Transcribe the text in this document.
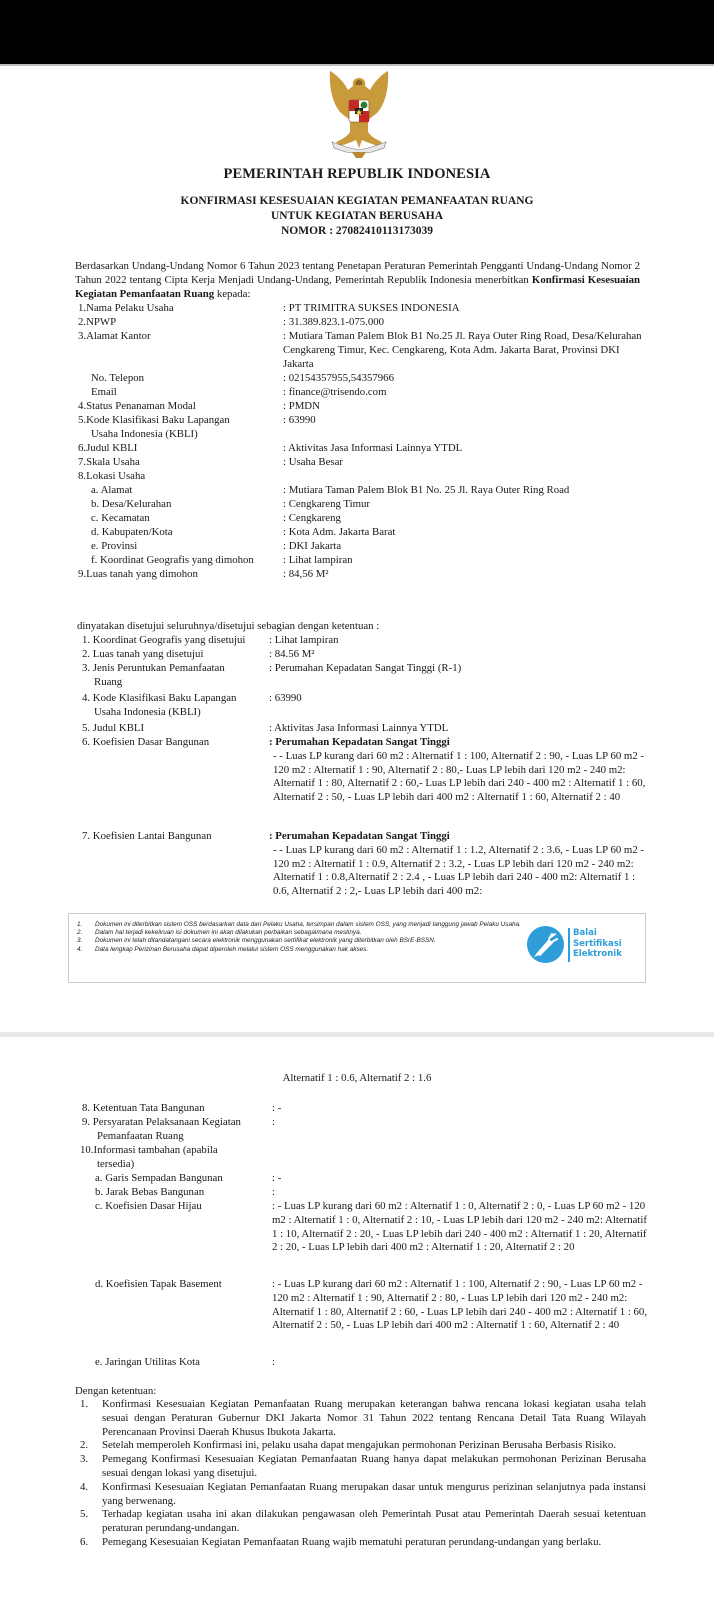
PEMERINTAH REPUBLIK INDONESIA
KONFIRMASI KESESUAIAN KEGIATAN PEMANFAATAN RUANG
UNTUK KEGIATAN BERUSAHA
NOMOR : 27082410113173039
Berdasarkan Undang-Undang Nomor 6 Tahun 2023 tentang Penetapan Peraturan Pemerintah Pengganti Undang-Undang Nomor 2 Tahun 2022 tentang Cipta Kerja Menjadi Undang-Undang, Pemerintah Republik Indonesia menerbitkan Konfirmasi Kesesuaian Kegiatan Pemanfaatan Ruang kepada:
1.Nama Pelaku Usaha	: PT TRIMITRA SUKSES INDONESIA
2.NPWP	: 31.389.823.1-075.000
3.Alamat Kantor	: Mutiara Taman Palem Blok B1 No.25 Jl. Raya Outer Ring Road, Desa/Kelurahan Cengkareng Timur, Kec. Cengkareng, Kota Adm. Jakarta Barat, Provinsi DKI Jakarta
No. Telepon	: 02154357955,54357966
Email	: finance@trisendo.com
4.Status Penanaman Modal	: PMDN
5.Kode Klasifikasi Baku Lapangan	: 63990
Usaha Indonesia (KBLI)
6.Judul KBLI	: Aktivitas Jasa Informasi Lainnya YTDL
7.Skala Usaha	: Usaha Besar
8.Lokasi Usaha
a. Alamat	: Mutiara Taman Palem Blok B1 No. 25 Jl. Raya Outer Ring Road
b. Desa/Kelurahan	: Cengkareng Timur
c. Kecamatan	: Cengkareng
d. Kabupaten/Kota	: Kota Adm. Jakarta Barat
e. Provinsi	: DKI Jakarta
f. Koordinat Geografis yang dimohon	: Lihat lampiran
9.Luas tanah yang dimohon	: 84,56 M²
dinyatakan disetujui seluruhnya/disetujui sebagian dengan ketentuan :
1. Koordinat Geografis yang disetujui	: Lihat lampiran
2. Luas tanah yang disetujui	: 84.56 M²
3. Jenis Peruntukan Pemanfaatan	: Perumahan Kepadatan Sangat Tinggi (R-1)
Ruang
4. Kode Klasifikasi Baku Lapangan	: 63990
Usaha Indonesia (KBLI)
5. Judul KBLI	: Aktivitas Jasa Informasi Lainnya YTDL
6. Koefisien Dasar Bangunan	: Perumahan Kepadatan Sangat Tinggi
- - Luas LP kurang dari 60 m2 : Alternatif 1 : 100, Alternatif 2 : 90, - Luas LP 60 m2 - 120 m2 : Alternatif 1 : 90, Alternatif 2 : 80,- Luas LP lebih dari 120 m2 - 240 m2: Alternatif 1 : 80, Alternatif 2 : 60,- Luas LP lebih dari 240 - 400 m2 : Alternatif 1 : 60, Alternatif 2 : 50, - Luas LP lebih dari 400 m2 : Alternatif 1 : 60, Alternatif 2 : 40
7. Koefisien Lantai Bangunan	: Perumahan Kepadatan Sangat Tinggi
- - Luas LP kurang dari 60 m2 : Alternatif 1 : 1.2, Alternatif 2 : 3.6, - Luas LP 60 m2 - 120 m2 : Alternatif 1 : 0.9, Alternatif 2 : 3.2, - Luas LP lebih dari 120 m2 - 240 m2: Alternatif 1 : 0.8,Alternatif 2 : 2.4 , - Luas LP lebih dari 240 - 400 m2: Alternatif 1 : 0.6, Alternatif 2 : 2,- Luas LP lebih dari 400 m2:
1. Dokumen ini diterbitkan sistem OSS berdasarkan data dari Pelaku Usaha, tersimpan dalam sistem OSS, yang menjadi tanggung jawab Pelaku Usaha.
2. Dalam hal terjadi kekeliruan isi dokumen ini akan dilakukan perbaikan sebagaimana mestinya.
3. Dokumen ini telah ditandatangani secara elektronik menggunakan sertifikat elektronik yang diterbitkan oleh BSrE-BSSN.
4. Data lengkap Perizinan Berusaha dapat diperoleh melalui sistem OSS menggunakan hak akses.
Balai
Sertifikasi
Elektronik
Alternatif 1 : 0.6, Alternatif 2 : 1.6
8. Ketentuan Tata Bangunan	: -
9. Persyaratan Pelaksanaan Kegiatan	:
Pemanfaatan Ruang
10.Informasi tambahan (apabila
tersedia)
a. Garis Sempadan Bangunan	: -
b. Jarak Bebas Bangunan	:
c. Koefisien Dasar Hijau	: - Luas LP kurang dari 60 m2 : Alternatif 1 : 0, Alternatif 2 : 0, - Luas LP 60 m2 - 120 m2 : Alternatif 1 : 0, Alternatif 2 : 10, - Luas LP lebih dari 120 m2 - 240 m2: Alternatif 1 : 10, Alternatif 2 : 20, - Luas LP lebih dari 240 - 400 m2 : Alternatif 1 : 20, Alternatif 2 : 20, - Luas LP lebih dari 400 m2 : Alternatif 1 : 20, Alternatif 2 : 20
d. Koefisien Tapak Basement	: - Luas LP kurang dari 60 m2 : Alternatif 1 : 100, Alternatif 2 : 90, - Luas LP 60 m2 - 120 m2 : Alternatif 1 : 90, Alternatif 2 : 80, - Luas LP lebih dari 120 m2 - 240 m2: Alternatif 1 : 80, Alternatif 2 : 60, - Luas LP lebih dari 240 - 400 m2 : Alternatif 1 : 60, Alternatif 2 : 50, - Luas LP lebih dari 400 m2 : Alternatif 1 : 60, Alternatif 2 : 40
e. Jaringan Utilitas Kota	:
Dengan ketentuan:
1. Konfirmasi Kesesuaian Kegiatan Pemanfaatan Ruang merupakan keterangan bahwa rencana lokasi kegiatan usaha telah sesuai dengan Peraturan Gubernur DKI Jakarta Nomor 31 Tahun 2022 tentang Rencana Detail Tata Ruang Wilayah Perencanaan Provinsi Daerah Khusus Ibukota Jakarta.
2. Setelah memperoleh Konfirmasi ini, pelaku usaha dapat mengajukan permohonan Perizinan Berusaha Berbasis Risiko.
3. Pemegang Konfirmasi Kesesuaian Kegiatan Pemanfaatan Ruang hanya dapat melakukan permohonan Perizinan Berusaha sesuai dengan lokasi yang disetujui.
4. Konfirmasi Kesesuaian Kegiatan Pemanfaatan Ruang merupakan dasar untuk mengurus perizinan selanjutnya pada instansi yang berwenang.
5. Terhadap kegiatan usaha ini akan dilakukan pengawasan oleh Pemerintah Pusat atau Pemerintah Daerah sesuai ketentuan peraturan perundang-undangan.
6. Pemegang Kesesuaian Kegiatan Pemanfaatan Ruang wajib mematuhi peraturan perundang-undangan yang berlaku.
